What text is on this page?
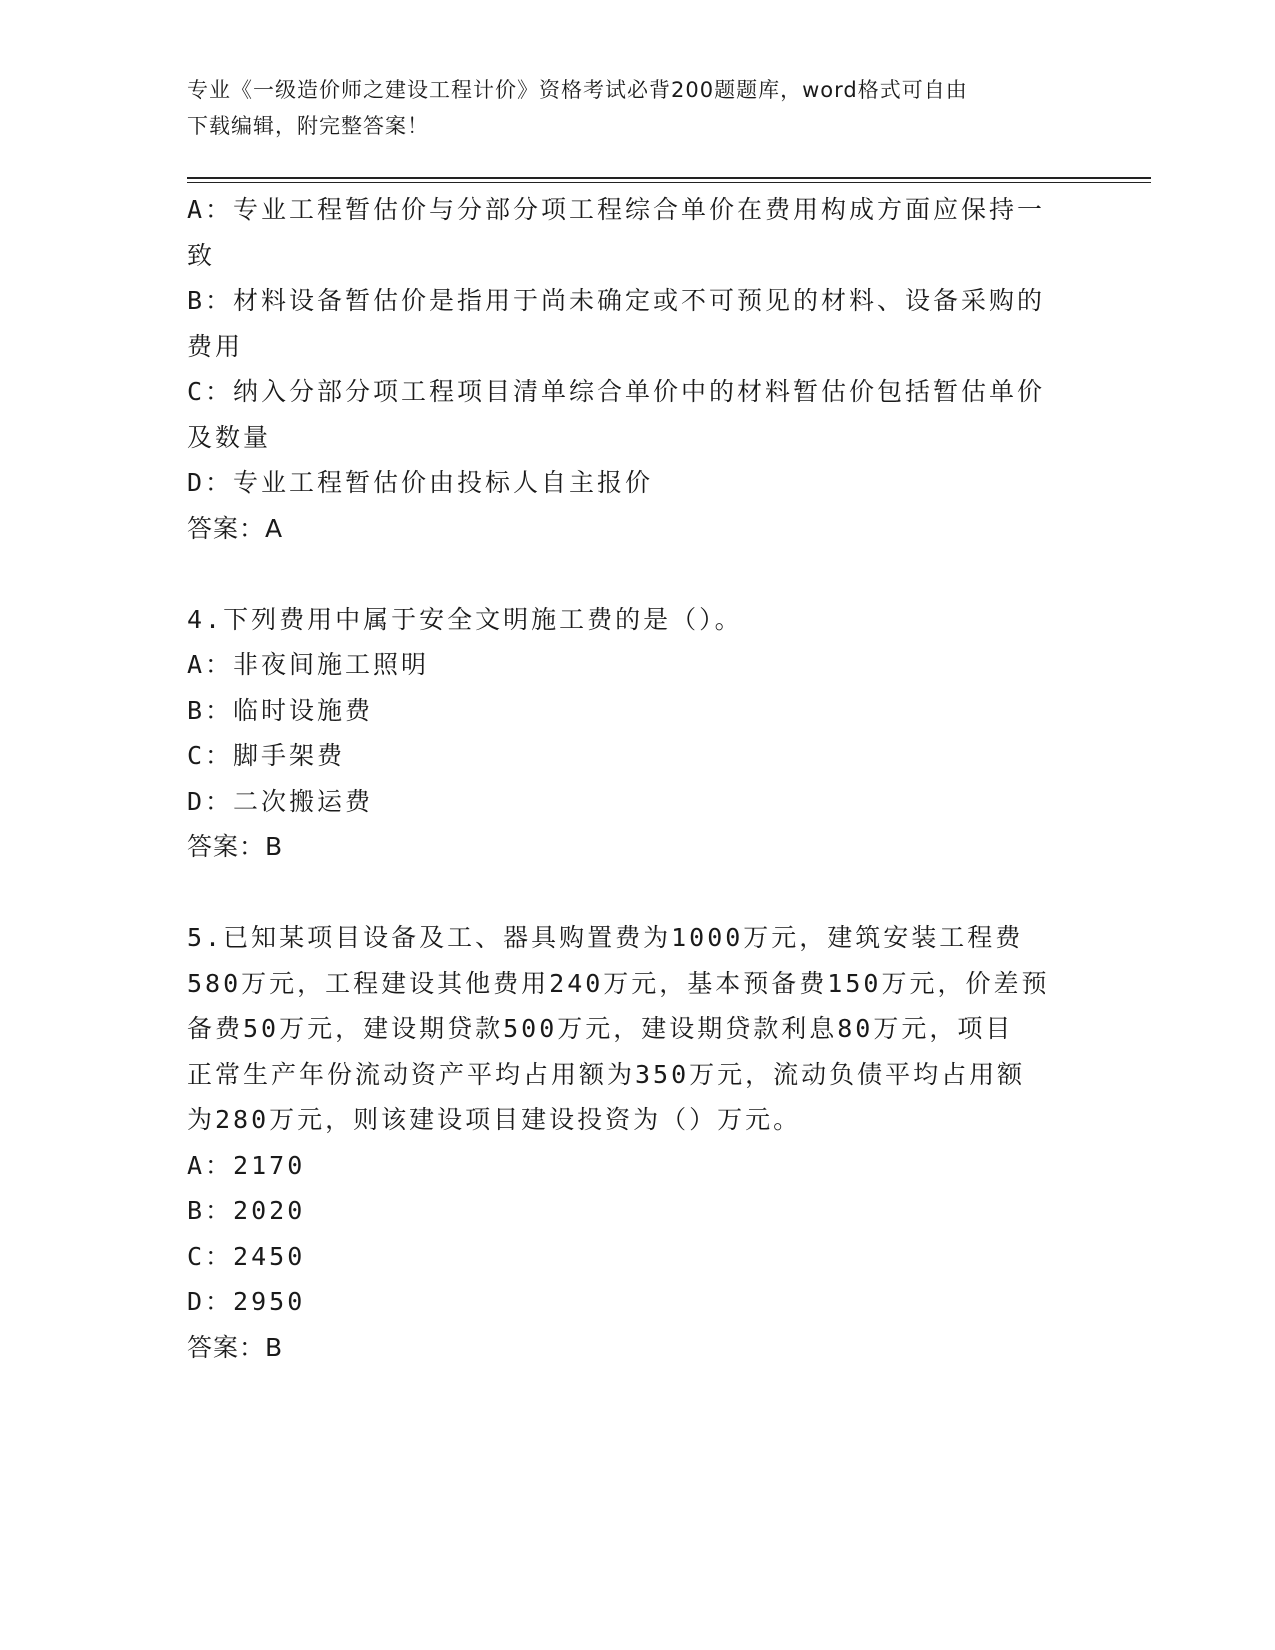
专业《一级造价师之建设工程计价》资格考试必背200题题库，word格式可自由
下载编辑，附完整答案！
A：专业工程暂估价与分部分项工程综合单价在费用构成方面应保持一
致
B：材料设备暂估价是指用于尚未确定或不可预见的材料、设备采购的
费用
C：纳入分部分项工程项目清单综合单价中的材料暂估价包括暂估单价
及数量
D：专业工程暂估价由投标人自主报价
答案：A
4.下列费用中属于安全文明施工费的是（）。
A：非夜间施工照明
B：临时设施费
C：脚手架费
D：二次搬运费
答案：B
5.已知某项目设备及工、器具购置费为1000万元，建筑安装工程费
580万元，工程建设其他费用240万元，基本预备费150万元，价差预
备费50万元，建设期贷款500万元，建设期贷款利息80万元，项目
正常生产年份流动资产平均占用额为350万元，流动负债平均占用额
为280万元，则该建设项目建设投资为（）万元。
A：2170
B：2020
C：2450
D：2950
答案：B
